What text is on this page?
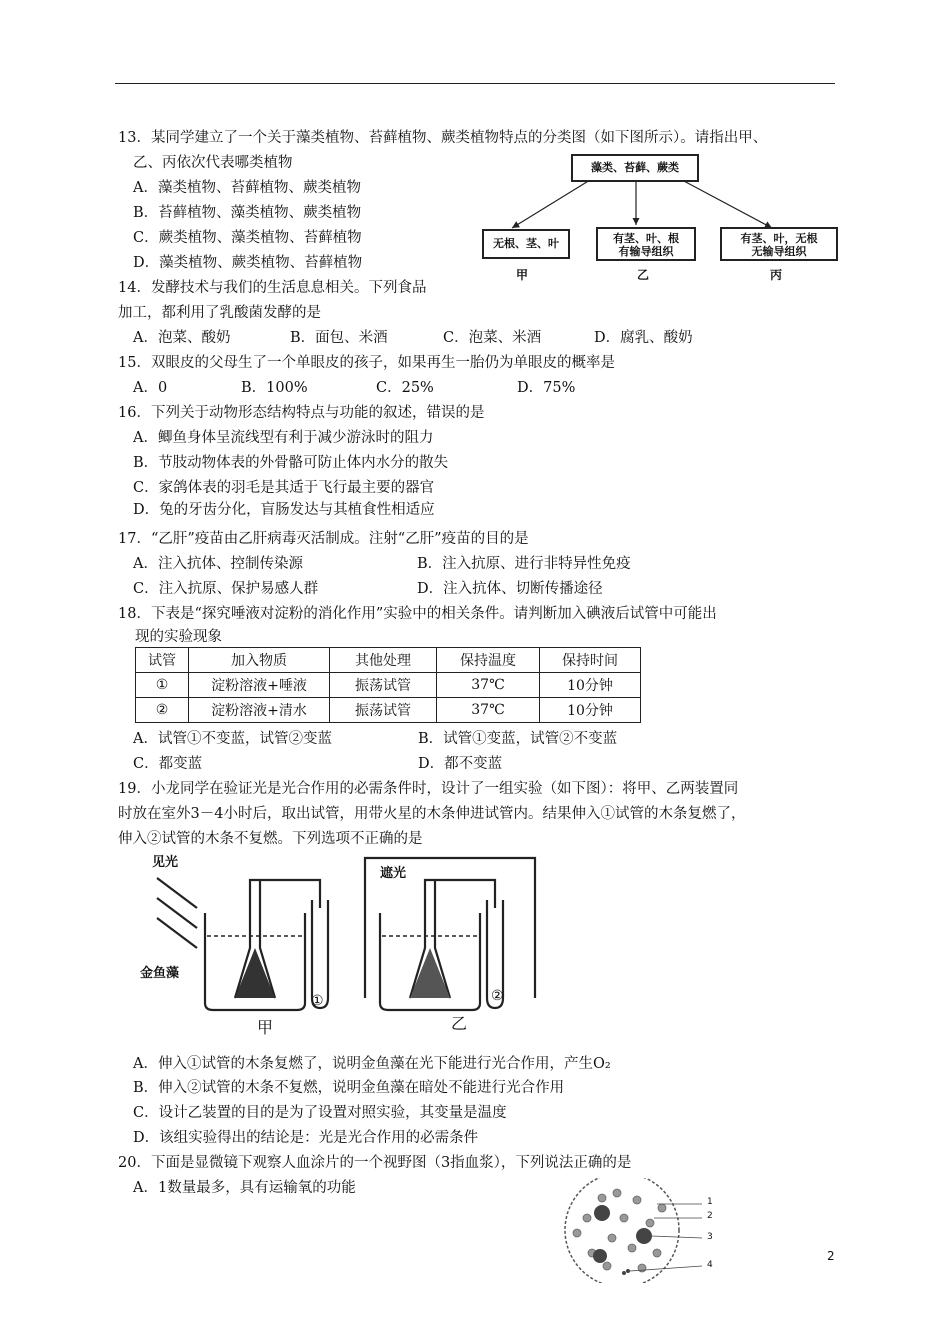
13．某同学建立了一个关于藻类植物、苔藓植物、蕨类植物特点的分类图（如下图所示）。请指出甲、
乙、丙依次代表哪类植物
A．藻类植物、苔藓植物、蕨类植物
B．苔藓植物、藻类植物、蕨类植物
C．蕨类植物、藻类植物、苔藓植物
D．藻类植物、蕨类植物、苔藓植物
藻类、苔藓、蕨类
无根、茎、叶	有茎、叶、根
有输导组织
有茎、叶，无根
无输导组织
甲	乙	丙
14．发酵技术与我们的生活息息相关。下列食品
加工，都利用了乳酸菌发酵的是
A．泡菜、酸奶	B．面包、米酒	C．泡菜、米酒	D．腐乳、酸奶
15．双眼皮的父母生了一个单眼皮的孩子，如果再生一胎仍为单眼皮的概率是
A．0	B．100%	C．25%	D．75%
16．下列关于动物形态结构特点与功能的叙述，错误的是
A．鲫鱼身体呈流线型有利于减少游泳时的阻力
B．节肢动物体表的外骨骼可防止体内水分的散失
C．家鸽体表的羽毛是其适于飞行最主要的器官
D．兔的牙齿分化，盲肠发达与其植食性相适应
17．“乙肝”疫苗由乙肝病毒灭活制成。注射“乙肝”疫苗的目的是
A．注入抗体、控制传染源	B．注入抗原、进行非特异性免疫
C．注入抗原、保护易感人群	D．注入抗体、切断传播途径
18．下表是“探究唾液对淀粉的消化作用”实验中的相关条件。请判断加入碘液后试管中可能出
现的实验现象
试管	加入物质	其他处理	保持温度	保持时间
①	淀粉溶液+唾液	振荡试管	37℃	10分钟
②	淀粉溶液+清水	振荡试管	37℃	10分钟
A．试管①不变蓝，试管②变蓝	B．试管①变蓝，试管②不变蓝
C．都变蓝	D．都不变蓝
19．小龙同学在验证光是光合作用的必需条件时，设计了一组实验（如下图）：将甲、乙两装置同
时放在室外3－4小时后，取出试管，用带火星的木条伸进试管内。结果伸入①试管的木条复燃了，
伸入②试管的木条不复燃。下列选项不正确的是
见光
遮光
金鱼藻
①	②
甲	乙
A．伸入①试管的木条复燃了，说明金鱼藻在光下能进行光合作用，产生O₂
B．伸入②试管的木条不复燃，说明金鱼藻在暗处不能进行光合作用
C．设计乙装置的目的是为了设置对照实验，其变量是温度
D．该组实验得出的结论是：光是光合作用的必需条件
20．下面是显微镜下观察人血涂片的一个视野图（3指血浆），下列说法正确的是
A．1数量最多，具有运输氧的功能
1
2
3
4
2
